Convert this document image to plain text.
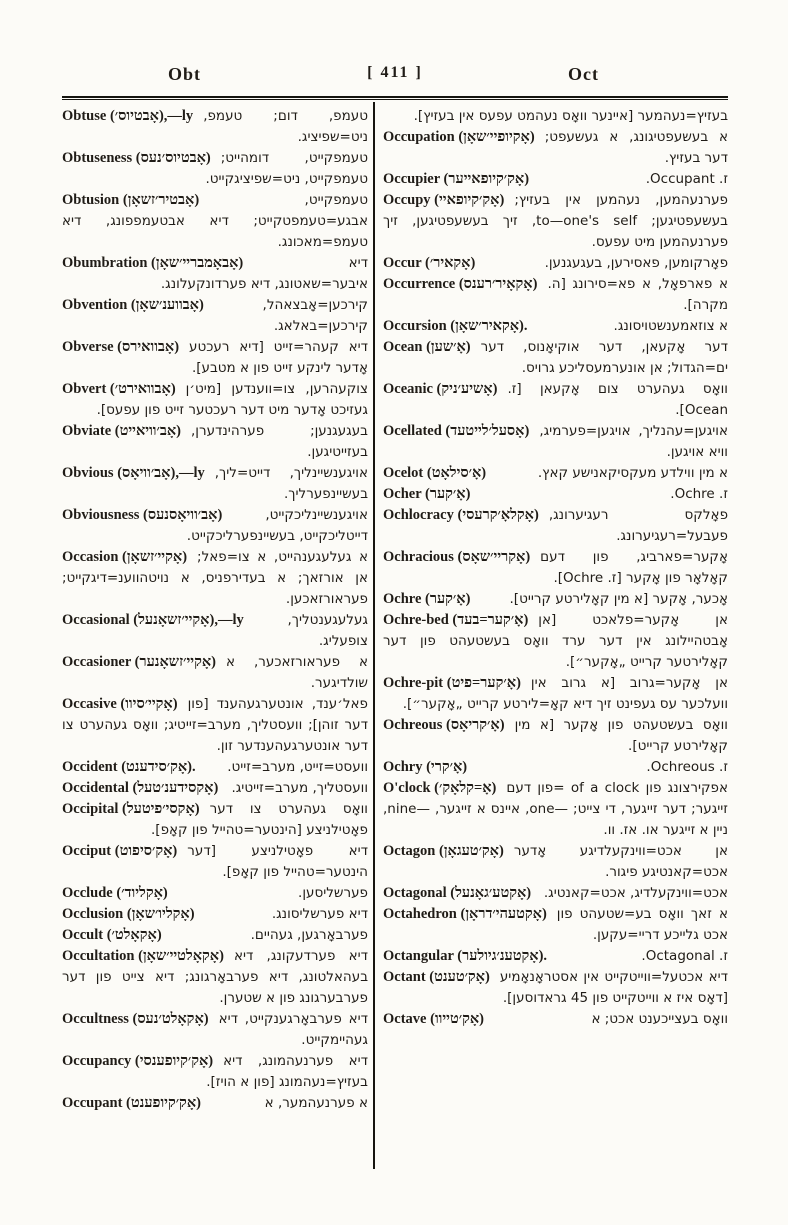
Obt	[ 411 ]	Oct
Obtuse (אָבטיוס׳),—ly טעמפ, דום; טעמפ, ניט=שפיציג.
Obtuseness (אָבטיוס׳נעס) טעמפקייט, דומהייט; טעמפקייט, ניט=שפיציגקייט.
Obtusion (אָבטיר׳זשאָן)	טעמפקייט, אבגע=טעמפטקייט; דיא אבטעמפפונג, דיא טעמפ=מאכונג.
Obumbration (אָבאָמבריי׳שאָן)	דיא איבער=שאטונג, דיא פערדונקעלונג.
Obvention (אָבווענ׳שאָן)	קירכען=אָבצאהל, קירכען=באלאג.
Obverse (אָבוואירס) דיא קעהר=זייט [דיא רעכטע אָדער לינקע זייט פון א מטבע].
Obvert (אָבוואירט׳) צוקעהרען, צו=ווענדען [מיט׳ן געזיכט אָדער מיט דער רעכטער זייט פון עפעס].
Obviate (אָב׳וויאייט) בעגעגנען; פערהינדערן, בעזייטיגען.
Obvious (אָב׳וויאָס),—ly אויגענשיינליך, דייט=ליך, בעשיינפערליך.
Obviousness (אָב׳וויאָסנעס)	אויגענשיינליכקייט, דייטליכקייט, בעשיינפערליכקייט.
Occasion (אָקיי׳זשאָן) א געלעגענהייט, א צו=פאל; אן אורזאך; א בעדירפניס, א נויטהווענ=דיגקייט; פעראורזאכען.
Occasional (אָקיי׳זשאָנעל),—ly	געלעגענטליך, צופעליג.
Occasioner (אָקיי׳זשאָנער) א פעראורזאכער, א שולדיגער.
Occasive (אָקיי׳סיוו) פאל׳ענד, אונטערגעהענד [פון דער זוהן]; וועסטליך, מערב=זייטיג; וואָס געהערט צו דער אונטערגעהענדער זון.
Occident (אָק׳סידענט). וועסט=זייט, מערב=זייט.
Occidental (אָקסידענ׳טעל) וועסטליך, מערב=זייטיג.
Occipital (אָקסי׳פיטעל) וואָס געהערט צו דער פאָטילניצע [הינטער=טהייל פון קאָפ].
Occiput (אָק׳סיפוט) דיא פאָטילניצע [דער הינטער=טהייל פון קאָפ].
Occlude (אָקליוד׳)	פערשליסען.
Occlusion (אָקליו׳שאָן)	דיא פערשליסונג.
Occult (אָקאָלט׳)	פערבאָרגען, געהיים.
Occultation (אָקאָלטיי׳שאָן) דיא פערדעקונג, דיא בעהאלטונג, דיא פערבאָרגונג; דיא צייט פון דער פערבערגונג פון א שטערן.
Occultness (אָקאָלט׳נעס) דיא פערבאָרגענקייט, דיא געהיימקייט.
Occupancy (אָק׳קיופענסי) דיא פערנעהמונג, דיא בעזיץ=נעהמונג [פון א הויז].
Occupant (אָק׳קיופענט)	א פערנעהמער, א
בעזיץ=נעהמער [איינער וואָס נעהמט עפעס אין בעזיץ].
Occupation (אָקיופיי׳שאָן) א בעשעפטיגונג, א געשעפט; דער בעזיץ.
Occupier (אָק׳קיופאייער)	ז. Occupant.
Occupy (אָק׳קיופאיי) פערנעהמען, נעהמען אין בעזיץ; בעשעפטיגען; to—one's self, זיך בעשעפטיגען, זיך פערנעהמען מיט עפעס.
Occur (אָקאיר׳)	פאָרקומען, פאסירען, בעגעגנען.
Occurrence (אָקאָיר׳רענס) א פארפאָל, א פא=סירונג [ה. מקרה].
Occursion (אָקאיר׳שאָן).	א צוזאמענשטויסונג.
Ocean (אָ׳שען) דער אָקעאן, דער אוקיאָנוס, דער ים=הגדול; אן אונערמעסליכע גרויס.
Oceanic (אָשיע׳ניק) וואָס געהערט צום אָקעאן [ז. Ocean].
Ocellated (אָסעל׳לייטעד) אויגען=עהנליך, אויגען=פערמיג, וויא אויגען.
Ocelot (אָ׳סילאָט)	א מין ווילדע מעקסיקאנישע קאץ.
Ocher (אָ׳קער)	ז. Ochre.
Ochlocracy (אָקלאָ׳קרעסי) פאָלקס רעגיערונג, פעבעל=רעגיערונג.
Ochracious (אָקריי׳שאָס) אָקער=פארביג, פון דעם קאָלאָר פון אָקער [ז. Ochre].
Ochre (אָ׳קער)	אָכער, אָקער [א מין קאָלירטע קרייט].
Ochre-bed (אָ׳קער=בעד) אן אָקער=פלאכט [אן אָבטהיילונג אין דער ערד וואָס בעשטעהט פון דער קאָלירטער קרייט „אָקער״].
Ochre-pit (אָ׳קער=פיט) אן אָקער=גרוב [א גרוב אין וועלכער עס געפינט זיך דיא קאָ=לירטע קרייט „אָקער״].
Ochreous (אָ׳קריאָס) וואָס בעשטעהט פון אָקער [א מין קאָלירטע קרייט].
Ochry (אָ׳קרי)	ז. Ochreous.
O'clock (אָ=קלאָק׳) אפקירצונג פון of a clock =פון דעם זייגער; דער זייגער, די צייט; —one, איינס א זייגער, —nine, ניין א זייגער או. אז. וו.
Octagon (אָק׳טעגאָן) אן אכט=ווינקעלדיגע אָדער אכט=קאנטיגע פיגור.
Octagonal (אָקטע׳גאָנעל) אכט=ווינקעלדיג, אכט=קאנטיג.
Octahedron (אָקטעהי׳דראָן) א זאך וואָס בע=שטעהט פון אכט גלייכע דריי=עקען.
Octangular (אָקטענ׳גיולער).	ז. Octagonal.
Octant (אָק׳טענט) דיא אכטעל=ווייטקייט אין אסטראָנאָמיע [דאָס איז א ווייטקייט פון 45 גראדוסען].
Octave (אָק׳טייוו)	וואָס בעצייכענט אכט; א
